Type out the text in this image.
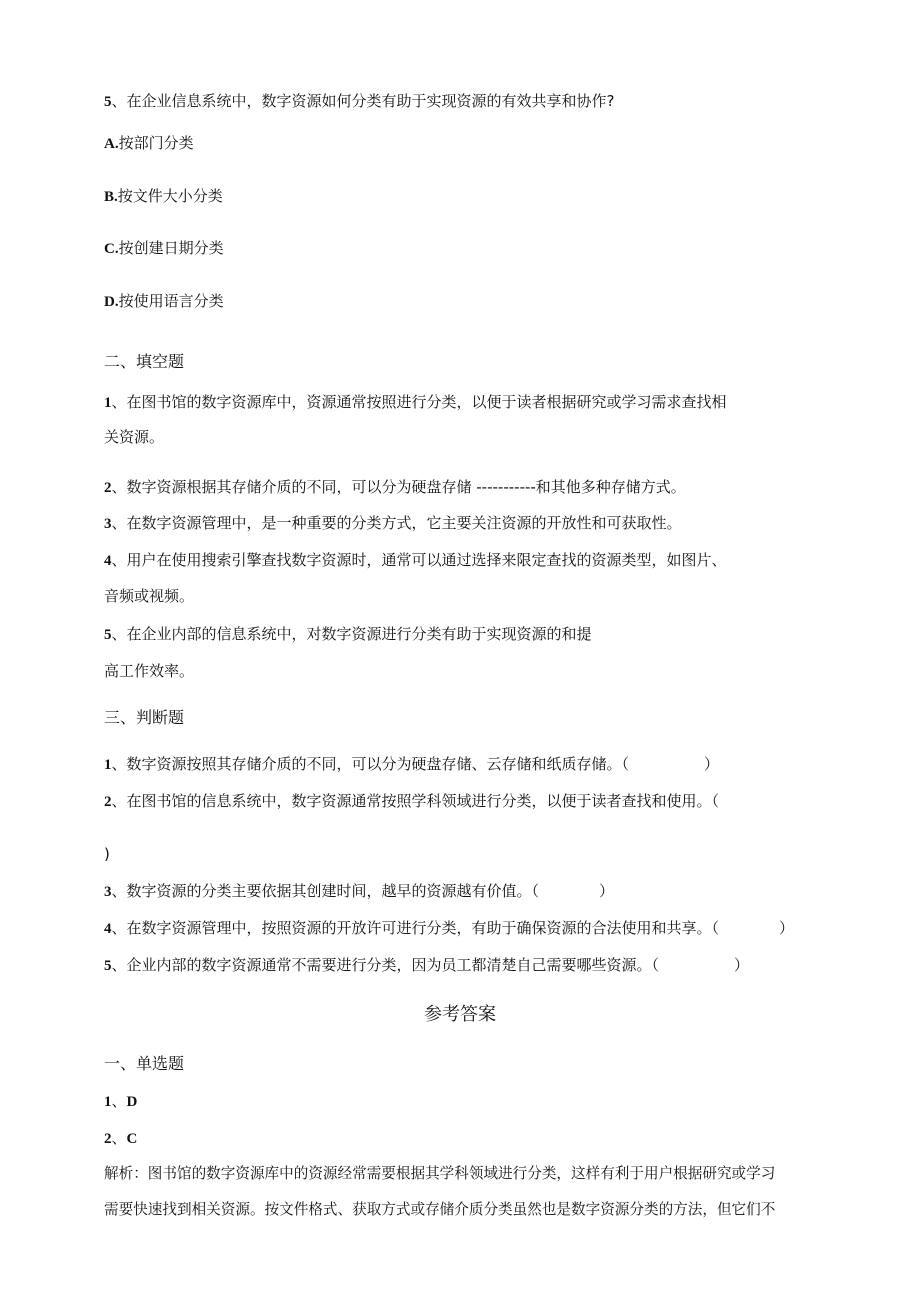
5、在企业信息系统中，数字资源如何分类有助于实现资源的有效共享和协作?

A.按部门分类

B.按文件大小分类

C.按创建日期分类

D.按使用语言分类

二、填空题

1、在图书馆的数字资源库中，资源通常按照进行分类，以便于读者根据研究或学习需求查找相

关资源。

2、数字资源根据其存储介质的不同，可以分为硬盘存储 -----------和其他多种存储方式。

3、在数字资源管理中，是一种重要的分类方式，它主要关注资源的开放性和可获取性。

4、用户在使用搜索引擎查找数字资源时，通常可以通过选择来限定查找的资源类型，如图片、

音频或视频。

5、在企业内部的信息系统中，对数字资源进行分类有助于实现资源的和提

高工作效率。

三、判断题

1、数字资源按照其存储介质的不同，可以分为硬盘存储、云存储和纸质存储。（　　　　　）

2、在图书馆的信息系统中，数字资源通常按照学科领域进行分类，以便于读者查找和使用。（

)

3、数字资源的分类主要依据其创建时间，越早的资源越有价值。（　　　　）

4、在数字资源管理中，按照资源的开放许可进行分类，有助于确保资源的合法使用和共享。（　　　　）

5、企业内部的数字资源通常不需要进行分类，因为员工都清楚自己需要哪些资源。（　　　　　）

参考答案

一、单选题

1、D

2、C

解析：图书馆的数字资源库中的资源经常需要根据其学科领域进行分类，这样有利于用户根据研究或学习

需要快速找到相关资源。按文件格式、获取方式或存储介质分类虽然也是数字资源分类的方法，但它们不
